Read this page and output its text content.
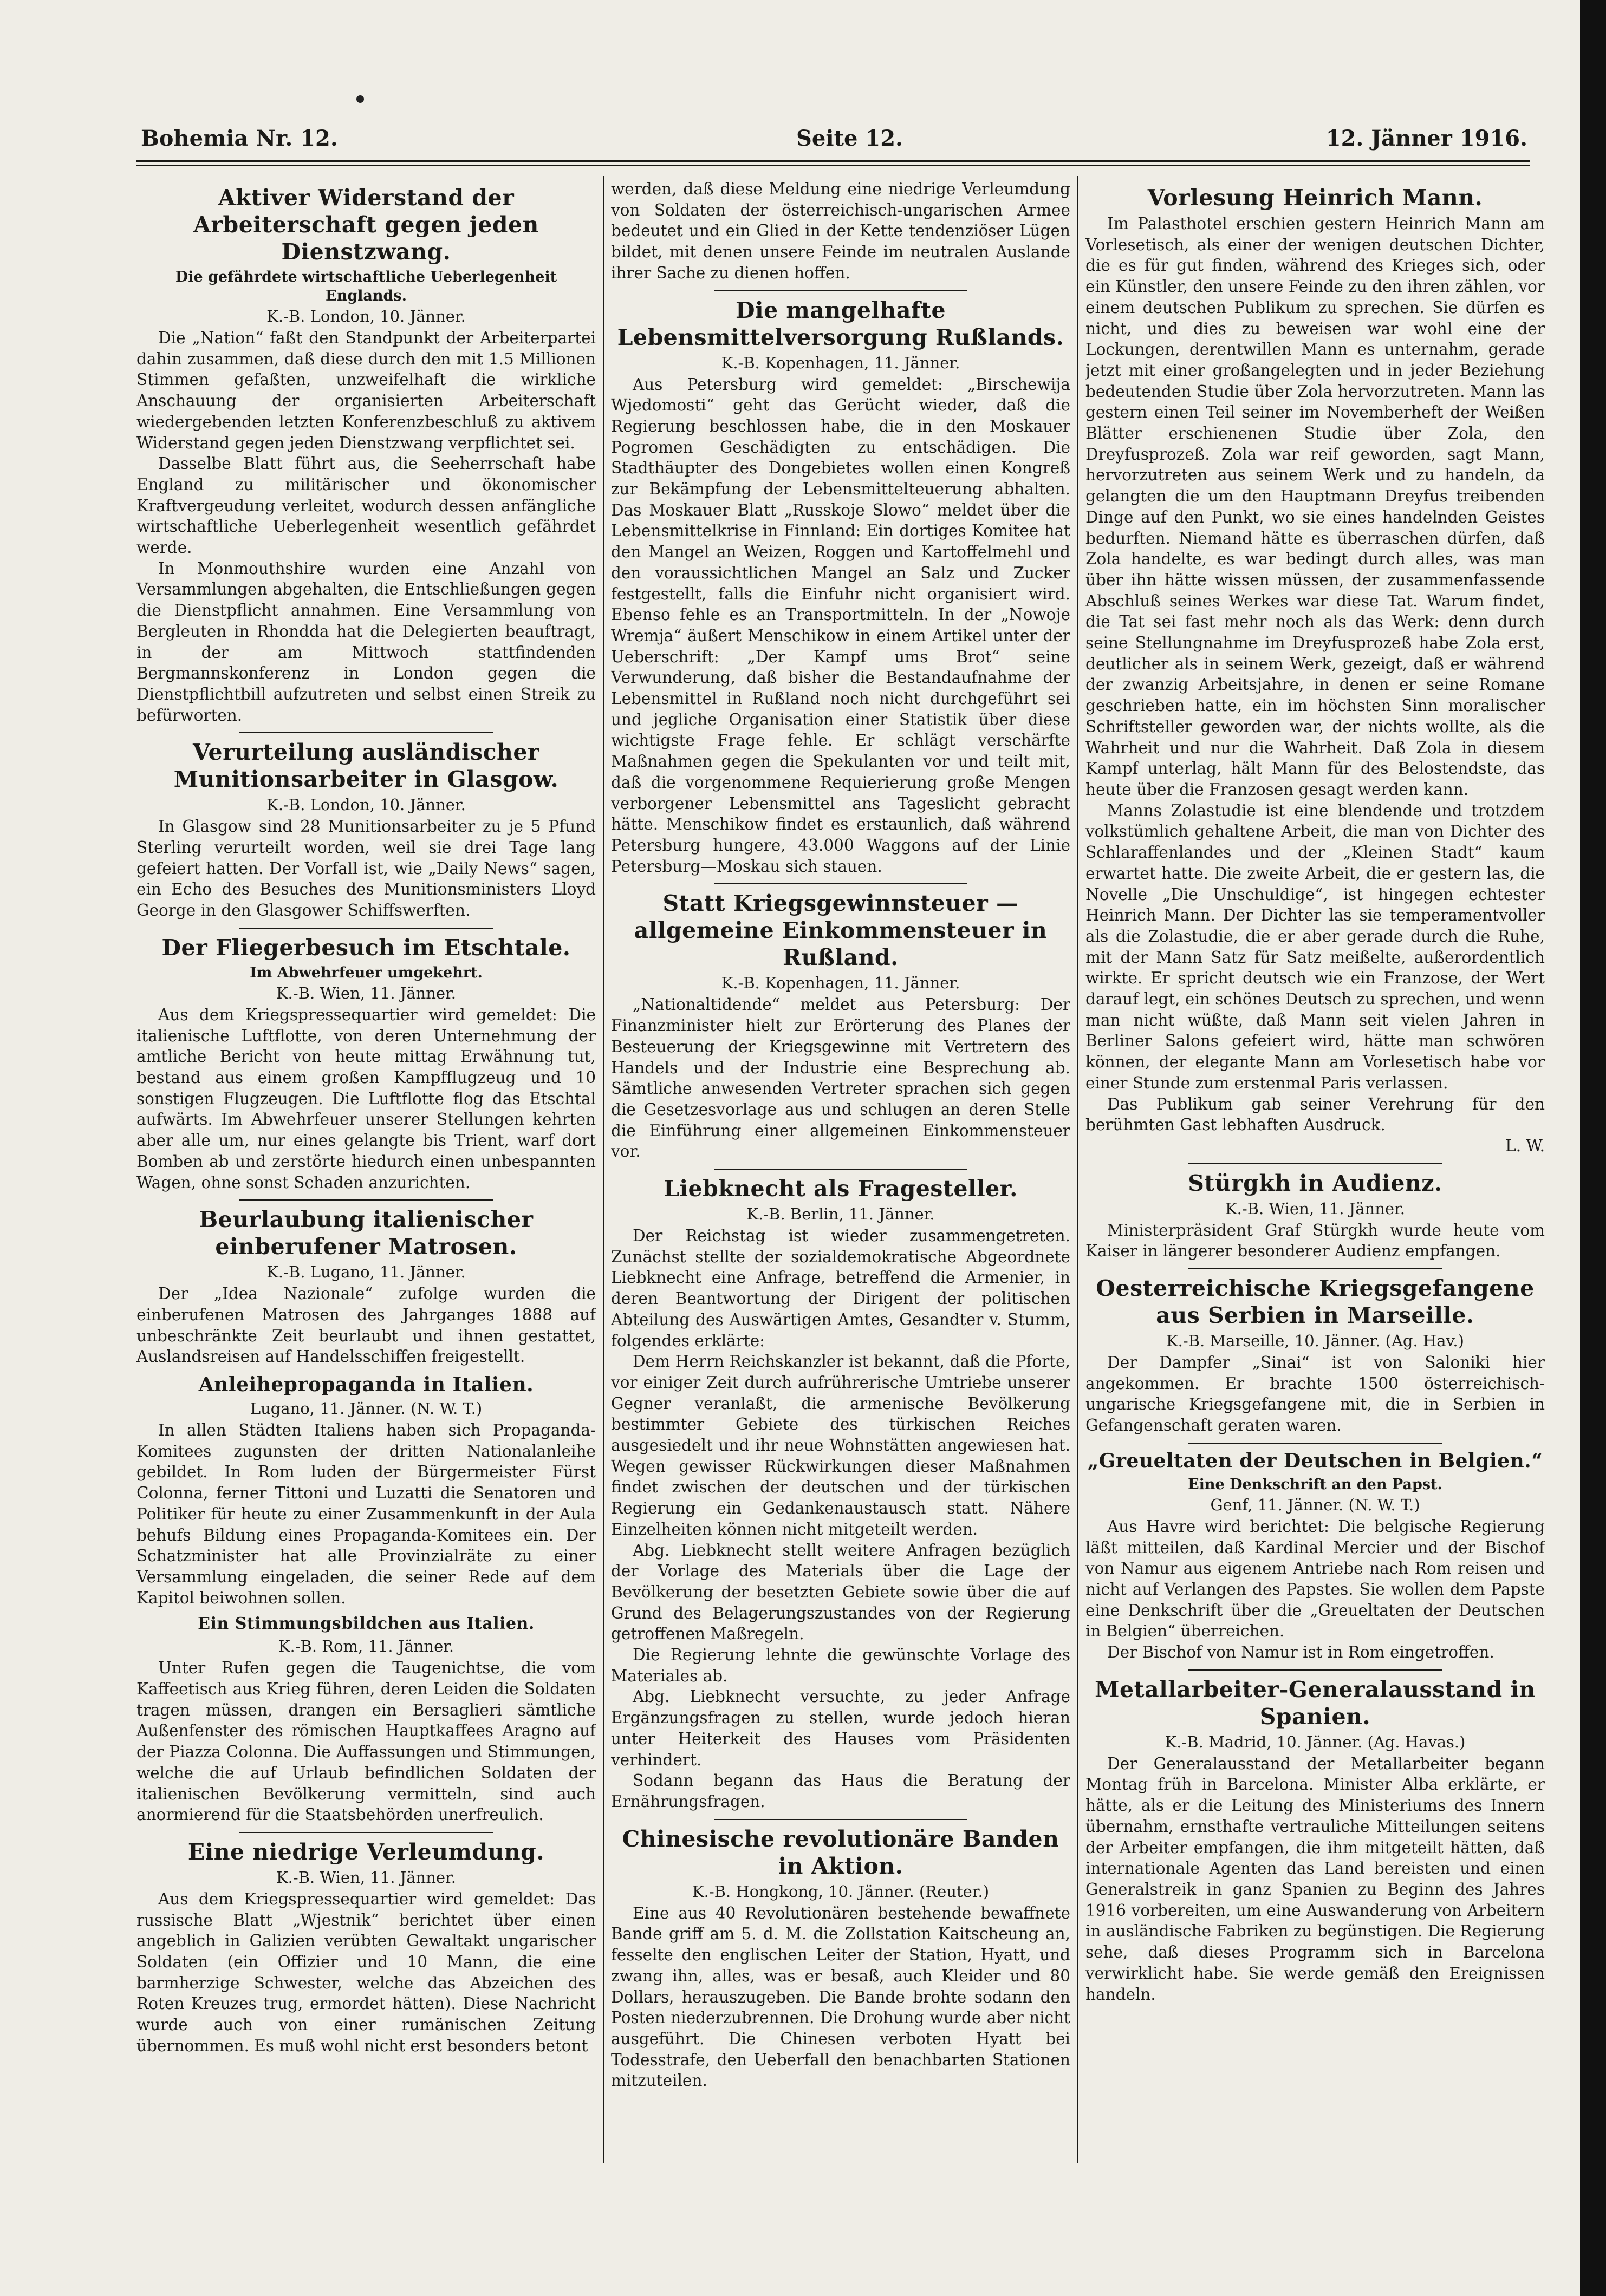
Bohemia Nr. 12.	Seite 12.	12. Jänner 1916.
Aktiver Widerstand der Arbeiterschaft gegen jeden Dienstzwang.
Die gefährdete wirtschaftliche Ueberlegenheit Englands.
K.-B. London, 10. Jänner.

Die „Nation“ faßt den Standpunkt der Arbeiterpartei dahin zusammen, daß diese durch den mit 1.5 Millionen Stimmen gefaßten, unzweifelhaft die wirkliche Anschauung der organisierten Arbeiterschaft wiedergebenden letzten Konferenzbeschluß zu aktivem Widerstand gegen jeden Dienstzwang verpflichtet sei.

Dasselbe Blatt führt aus, die Seeherrschaft habe England zu militärischer und ökonomischer Kraftvergeudung verleitet, wodurch dessen anfängliche wirtschaftliche Ueberlegenheit wesentlich gefährdet werde.

In Monmouthshire wurden eine Anzahl von Versammlungen abgehalten, die Entschließungen gegen die Dienstpflicht annahmen. Eine Versammlung von Bergleuten in Rhondda hat die Delegierten beauftragt, in der am Mittwoch stattfindenden Bergmannskonferenz in London gegen die Dienstpflichtbill aufzutreten und selbst einen Streik zu befürworten.

Verurteilung ausländischer Munitionsarbeiter in Glasgow.
K.-B. London, 10. Jänner.

In Glasgow sind 28 Munitionsarbeiter zu je 5 Pfund Sterling verurteilt worden, weil sie drei Tage lang gefeiert hatten. Der Vorfall ist, wie „Daily News“ sagen, ein Echo des Besuches des Munitionsministers Lloyd George in den Glasgower Schiffswerften.

Der Fliegerbesuch im Etschtale.
Im Abwehrfeuer umgekehrt.
K.-B. Wien, 11. Jänner.

Aus dem Kriegspressequartier wird gemeldet: Die italienische Luftflotte, von deren Unternehmung der amtliche Bericht von heute mittag Erwähnung tut, bestand aus einem großen Kampfflugzeug und 10 sonstigen Flugzeugen. Die Luftflotte flog das Etschtal aufwärts. Im Abwehrfeuer unserer Stellungen kehrten aber alle um, nur eines gelangte bis Trient, warf dort Bomben ab und zerstörte hiedurch einen unbespannten Wagen, ohne sonst Schaden anzurichten.

Beurlaubung italienischer einberufener Matrosen.
K.-B. Lugano, 11. Jänner.

Der „Idea Nazionale“ zufolge wurden die einberufenen Matrosen des Jahrganges 1888 auf unbeschränkte Zeit beurlaubt und ihnen gestattet, Auslandsreisen auf Handelsschiffen freigestellt.

Anleihepropaganda in Italien.
Lugano, 11. Jänner. (N. W. T.)

In allen Städten Italiens haben sich Propaganda-Komitees zugunsten der dritten Nationalanleihe gebildet. In Rom luden der Bürgermeister Fürst Colonna, ferner Tittoni und Luzatti die Senatoren und Politiker für heute zu einer Zusammenkunft in der Aula behufs Bildung eines Propaganda-Komitees ein. Der Schatzminister hat alle Provinzialräte zu einer Versammlung eingeladen, die seiner Rede auf dem Kapitol beiwohnen sollen.

Ein Stimmungsbildchen aus Italien.
K.-B. Rom, 11. Jänner.

Unter Rufen gegen die Taugenichtse, die vom Kaffeetisch aus Krieg führen, deren Leiden die Soldaten tragen müssen, drangen ein Bersaglieri sämtliche Außenfenster des römischen Hauptkaffees Aragno auf der Piazza Colonna. Die Auffassungen und Stimmungen, welche die auf Urlaub befindlichen Soldaten der italienischen Bevölkerung vermitteln, sind auch anormierend für die Staatsbehörden unerfreulich.

Eine niedrige Verleumdung.
K.-B. Wien, 11. Jänner.

Aus dem Kriegspressequartier wird gemeldet: Das russische Blatt „Wjestnik“ berichtet über einen angeblich in Galizien verübten Gewaltakt ungarischer Soldaten (ein Offizier und 10 Mann, die eine barmherzige Schwester, welche das Abzeichen des Roten Kreuzes trug, ermordet hätten). Diese Nachricht wurde auch von einer rumänischen Zeitung übernommen. Es muß wohl nicht erst besonders betont

werden, daß diese Meldung eine niedrige Verleumdung von Soldaten der österreichisch-ungarischen Armee bedeutet und ein Glied in der Kette tendenziöser Lügen bildet, mit denen unsere Feinde im neutralen Auslande ihrer Sache zu dienen hoffen.

Die mangelhafte Lebensmittelversorgung Rußlands.
K.-B. Kopenhagen, 11. Jänner.

Aus Petersburg wird gemeldet: „Birschewija Wjedomosti“ geht das Gerücht wieder, daß die Regierung beschlossen habe, die in den Moskauer Pogromen Geschädigten zu entschädigen. Die Stadthäupter des Dongebietes wollen einen Kongreß zur Bekämpfung der Lebensmittelteuerung abhalten. Das Moskauer Blatt „Russkoje Slowo“ meldet über die Lebensmittelkrise in Finnland: Ein dortiges Komitee hat den Mangel an Weizen, Roggen und Kartoffelmehl und den voraussichtlichen Mangel an Salz und Zucker festgestellt, falls die Einfuhr nicht organisiert wird. Ebenso fehle es an Transportmitteln. In der „Nowoje Wremja“ äußert Menschikow in einem Artikel unter der Ueberschrift: „Der Kampf ums Brot“ seine Verwunderung, daß bisher die Bestandaufnahme der Lebensmittel in Rußland noch nicht durchgeführt sei und jegliche Organisation einer Statistik über diese wichtigste Frage fehle. Er schlägt verschärfte Maßnahmen gegen die Spekulanten vor und teilt mit, daß die vorgenommene Requierierung große Mengen verborgener Lebensmittel ans Tageslicht gebracht hätte. Menschikow findet es erstaunlich, daß während Petersburg hungere, 43.000 Waggons auf der Linie Petersburg—Moskau sich stauen.

Statt Kriegsgewinnsteuer — allgemeine Einkommensteuer in Rußland.
K.-B. Kopenhagen, 11. Jänner.

„Nationaltidende“ meldet aus Petersburg: Der Finanzminister hielt zur Erörterung des Planes der Besteuerung der Kriegsgewinne mit Vertretern des Handels und der Industrie eine Besprechung ab. Sämtliche anwesenden Vertreter sprachen sich gegen die Gesetzesvorlage aus und schlugen an deren Stelle die Einführung einer allgemeinen Einkommensteuer vor.

Liebknecht als Fragesteller.
K.-B. Berlin, 11. Jänner.

Der Reichstag ist wieder zusammengetreten. Zunächst stellte der sozialdemokratische Abgeordnete Liebknecht eine Anfrage, betreffend die Armenier, in deren Beantwortung der Dirigent der politischen Abteilung des Auswärtigen Amtes, Gesandter v. Stumm, folgendes erklärte:

Dem Herrn Reichskanzler ist bekannt, daß die Pforte, vor einiger Zeit durch aufrührerische Umtriebe unserer Gegner veranlaßt, die armenische Bevölkerung bestimmter Gebiete des türkischen Reiches ausgesiedelt und ihr neue Wohnstätten angewiesen hat. Wegen gewisser Rückwirkungen dieser Maßnahmen findet zwischen der deutschen und der türkischen Regierung ein Gedankenaustausch statt. Nähere Einzelheiten können nicht mitgeteilt werden.

Abg. Liebknecht stellt weitere Anfragen bezüglich der Vorlage des Materials über die Lage der Bevölkerung der besetzten Gebiete sowie über die auf Grund des Belagerungszustandes von der Regierung getroffenen Maßregeln.

Die Regierung lehnte die gewünschte Vorlage des Materiales ab.

Abg. Liebknecht versuchte, zu jeder Anfrage Ergänzungsfragen zu stellen, wurde jedoch hieran unter Heiterkeit des Hauses vom Präsidenten verhindert.

Sodann begann das Haus die Beratung der Ernährungsfragen.

Chinesische revolutionäre Banden in Aktion.
K.-B. Hongkong, 10. Jänner. (Reuter.)

Eine aus 40 Revolutionären bestehende bewaffnete Bande griff am 5. d. M. die Zollstation Kaitscheung an, fesselte den englischen Leiter der Station, Hyatt, und zwang ihn, alles, was er besaß, auch Kleider und 80 Dollars, herauszugeben. Die Bande brohte sodann den Posten niederzubrennen. Die Drohung wurde aber nicht ausgeführt. Die Chinesen verboten Hyatt bei Todesstrafe, den Ueberfall den benachbarten Stationen mitzuteilen.

Vorlesung Heinrich Mann.

Im Palasthotel erschien gestern Heinrich Mann am Vorlesetisch, als einer der wenigen deutschen Dichter, die es für gut finden, während des Krieges sich, oder ein Künstler, den unsere Feinde zu den ihren zählen, vor einem deutschen Publikum zu sprechen. Sie dürfen es nicht, und dies zu beweisen war wohl eine der Lockungen, derentwillen Mann es unternahm, gerade jetzt mit einer großangelegten und in jeder Beziehung bedeutenden Studie über Zola hervorzutreten. Mann las gestern einen Teil seiner im Novemberheft der Weißen Blätter erschienenen Studie über Zola, den Dreyfusprozeß. Zola war reif geworden, sagt Mann, hervorzutreten aus seinem Werk und zu handeln, da gelangten die um den Hauptmann Dreyfus treibenden Dinge auf den Punkt, wo sie eines handelnden Geistes bedurften. Niemand hätte es überraschen dürfen, daß Zola handelte, es war bedingt durch alles, was man über ihn hätte wissen müssen, der zusammenfassende Abschluß seines Werkes war diese Tat. Warum findet, die Tat sei fast mehr noch als das Werk: denn durch seine Stellungnahme im Dreyfusprozeß habe Zola erst, deutlicher als in seinem Werk, gezeigt, daß er während der zwanzig Arbeitsjahre, in denen er seine Romane geschrieben hatte, ein im höchsten Sinn moralischer Schriftsteller geworden war, der nichts wollte, als die Wahrheit und nur die Wahrheit. Daß Zola in diesem Kampf unterlag, hält Mann für des Belostendste, das heute über die Franzosen gesagt werden kann.

Manns Zolastudie ist eine blendende und trotzdem volkstümlich gehaltene Arbeit, die man von Dichter des Schlaraffenlandes und der „Kleinen Stadt“ kaum erwartet hatte. Die zweite Arbeit, die er gestern las, die Novelle „Die Unschuldige“, ist hingegen echtester Heinrich Mann. Der Dichter las sie temperamentvoller als die Zolastudie, die er aber gerade durch die Ruhe, mit der Mann Satz für Satz meißelte, außerordentlich wirkte. Er spricht deutsch wie ein Franzose, der Wert darauf legt, ein schönes Deutsch zu sprechen, und wenn man nicht wüßte, daß Mann seit vielen Jahren in Berliner Salons gefeiert wird, hätte man schwören können, der elegante Mann am Vorlesetisch habe vor einer Stunde zum erstenmal Paris verlassen.

Das Publikum gab seiner Verehrung für den berühmten Gast lebhaften Ausdruck.

L. W.

Stürgkh in Audienz.
K.-B. Wien, 11. Jänner.

Ministerpräsident Graf Stürgkh wurde heute vom Kaiser in längerer besonderer Audienz empfangen.

Oesterreichische Kriegsgefangene aus Serbien in Marseille.
K.-B. Marseille, 10. Jänner. (Ag. Hav.)

Der Dampfer „Sinai“ ist von Saloniki hier angekommen. Er brachte 1500 österreichisch-ungarische Kriegsgefangene mit, die in Serbien in Gefangenschaft geraten waren.

„Greueltaten der Deutschen in Belgien.“
Eine Denkschrift an den Papst.
Genf, 11. Jänner. (N. W. T.)

Aus Havre wird berichtet: Die belgische Regierung läßt mitteilen, daß Kardinal Mercier und der Bischof von Namur aus eigenem Antriebe nach Rom reisen und nicht auf Verlangen des Papstes. Sie wollen dem Papste eine Denkschrift über die „Greueltaten der Deutschen in Belgien“ überreichen.

Der Bischof von Namur ist in Rom eingetroffen.

Metallarbeiter-Generalausstand in Spanien.
K.-B. Madrid, 10. Jänner. (Ag. Havas.)

Der Generalausstand der Metallarbeiter begann Montag früh in Barcelona. Minister Alba erklärte, er hätte, als er die Leitung des Ministeriums des Innern übernahm, ernsthafte vertrauliche Mitteilungen seitens der Arbeiter empfangen, die ihm mitgeteilt hätten, daß internationale Agenten das Land bereisten und einen Generalstreik in ganz Spanien zu Beginn des Jahres 1916 vorbereiten, um eine Auswanderung von Arbeitern in ausländische Fabriken zu begünstigen. Die Regierung sehe, daß dieses Programm sich in Barcelona verwirklicht habe. Sie werde gemäß den Ereignissen handeln.
